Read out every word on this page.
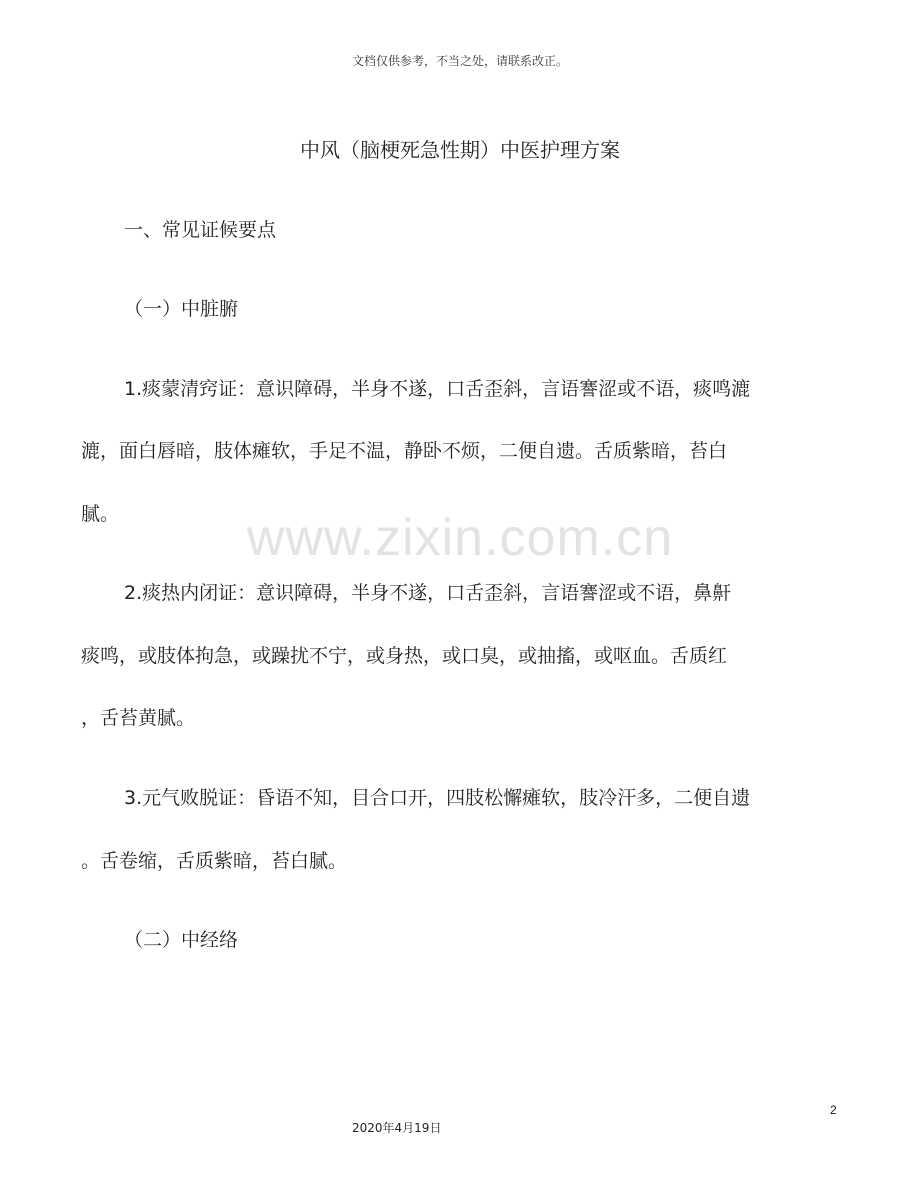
文档仅供参考，不当之处，请联系改正。
www.zixin.com.cn
中风（脑梗死急性期）中医护理方案
一、常见证候要点
（一）中脏腑
1.痰蒙清窍证：意识障碍，半身不遂，口舌歪斜，言语謇涩或不语，痰鸣漉
漉，面白唇暗，肢体瘫软，手足不温，静卧不烦，二便自遗。舌质紫暗，苔白
腻。
2.痰热内闭证：意识障碍，半身不遂，口舌歪斜，言语謇涩或不语，鼻鼾
痰鸣，或肢体拘急，或躁扰不宁，或身热，或口臭，或抽搐，或呕血。舌质红
，舌苔黄腻。
3.元气败脱证：昏语不知，目合口开，四肢松懈瘫软，肢冷汗多，二便自遗
。舌卷缩，舌质紫暗，苔白腻。
（二）中经络
2
2020年4月19日
